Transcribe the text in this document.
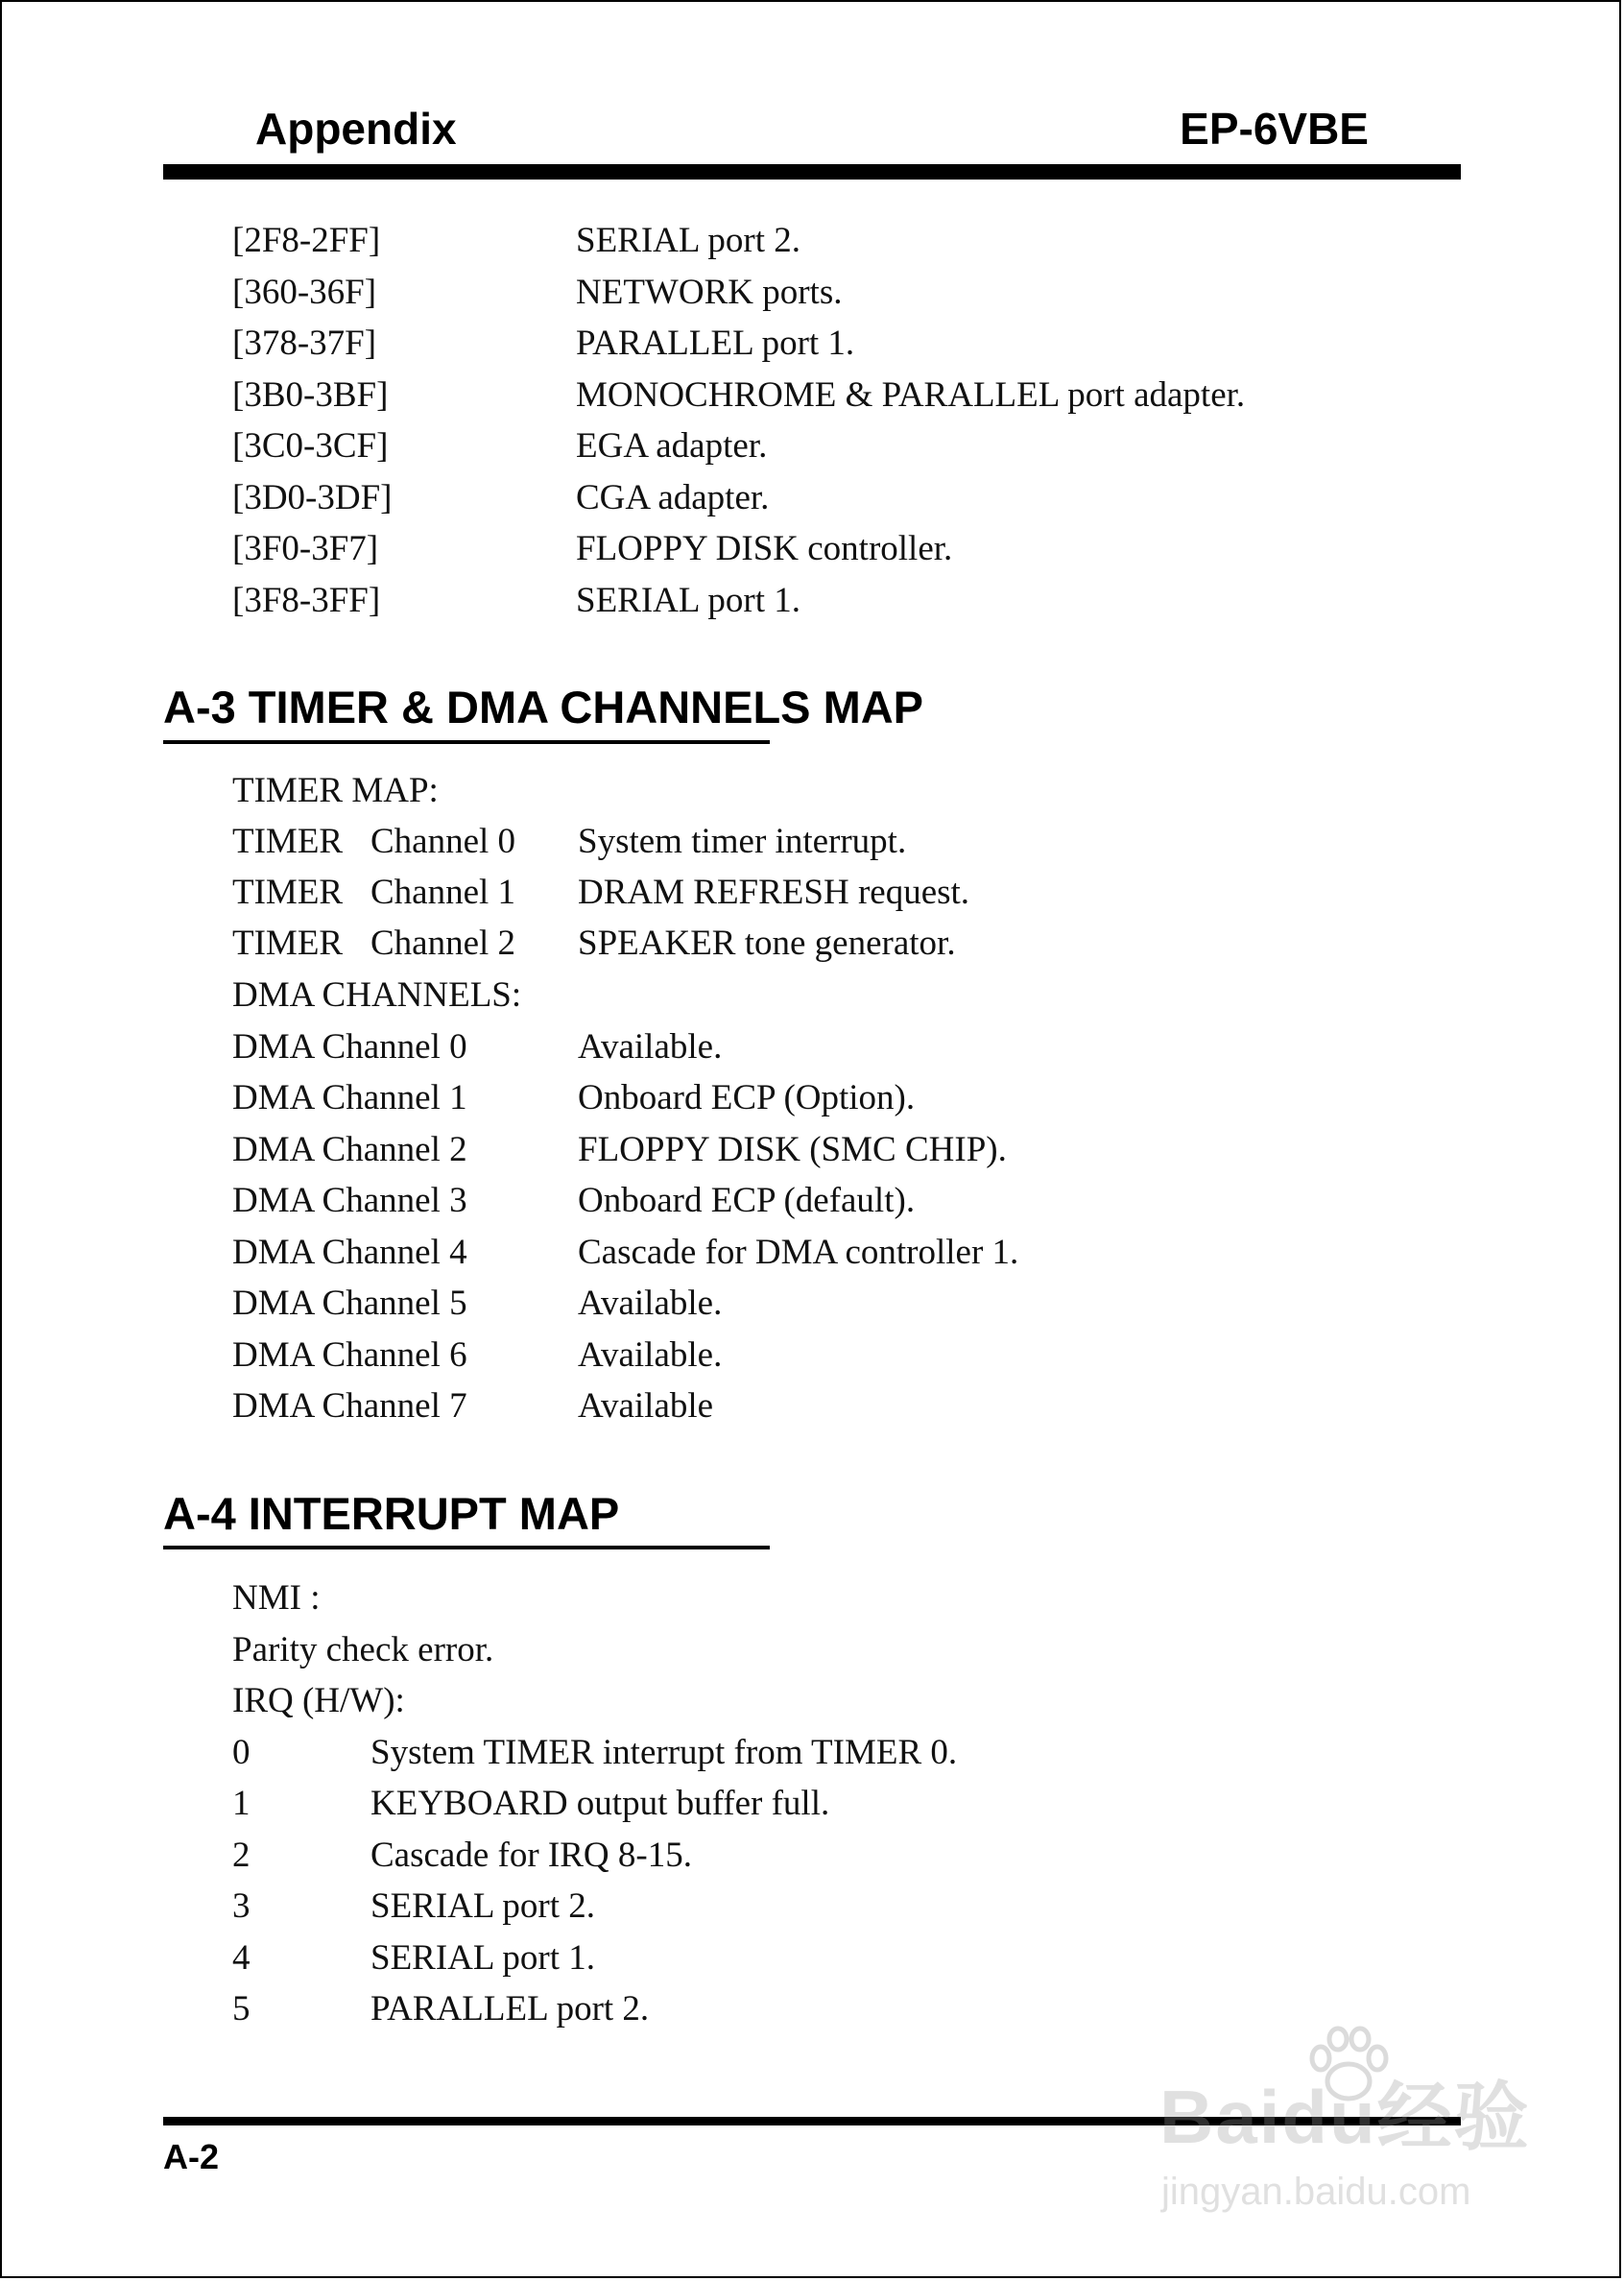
Appendix	EP-6VBE
[2F8-2FF]	SERIAL port 2.
[360-36F]	NETWORK ports.
[378-37F]	PARALLEL port 1.
[3B0-3BF]	MONOCHROME & PARALLEL port adapter.
[3C0-3CF]	EGA adapter.
[3D0-3DF]	CGA adapter.
[3F0-3F7]	FLOPPY DISK controller.
[3F8-3FF]	SERIAL port 1.
A-3 TIMER & DMA CHANNELS MAP
TIMER MAP:
TIMER Channel 0 System timer interrupt.
TIMER Channel 1 DRAM REFRESH request.
TIMER Channel 2 SPEAKER tone generator.
DMA CHANNELS:
DMA Channel 0	Available.
DMA Channel 1	Onboard ECP (Option).
DMA Channel 2	FLOPPY DISK (SMC CHIP).
DMA Channel 3	Onboard ECP (default).
DMA Channel 4	Cascade for DMA controller 1.
DMA Channel 5	Available.
DMA Channel 6	Available.
DMA Channel 7	Available
A-4 INTERRUPT MAP
NMI :
Parity check error.
IRQ (H/W):
0	System TIMER interrupt from TIMER 0.
1	KEYBOARD output buffer full.
2	Cascade for IRQ 8-15.
3	SERIAL port 2.
4	SERIAL port 1.
5	PARALLEL port 2.
A-2	Baidu经验
jingyan.baidu.com
